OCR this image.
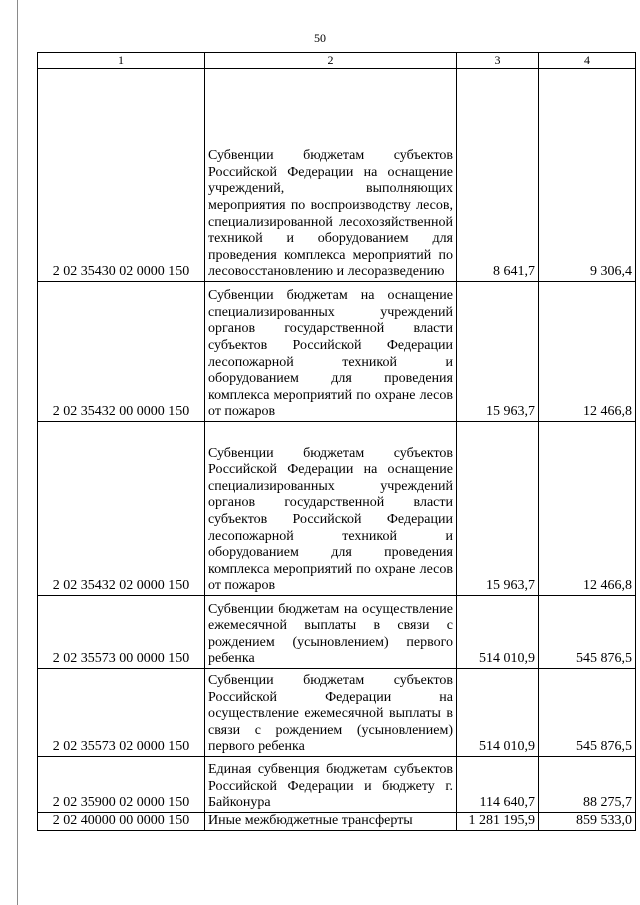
50
1	2	3	4
2 02 35430 02 0000 150	Субвенции бюджетам субъектов Российской Федерации на оснащение учреждений, выполняющих мероприятия по воспроизводству лесов, специализированной лесохозяйственной техникой и оборудованием для проведения комплекса мероприятий по лесовосстановлению и лесоразведению	8 641,7	9 306,4
2 02 35432 00 0000 150	Субвенции бюджетам на оснащение специализированных учреждений органов государственной власти субъектов Российской Федерации лесопожарной техникой и оборудованием для проведения комплекса мероприятий по охране лесов от пожаров	15 963,7	12 466,8
2 02 35432 02 0000 150	Субвенции бюджетам субъектов Российской Федерации на оснащение специализированных учреждений органов государственной власти субъектов Российской Федерации лесопожарной техникой и оборудованием для проведения комплекса мероприятий по охране лесов от пожаров	15 963,7	12 466,8
2 02 35573 00 0000 150	Субвенции бюджетам на осуществление ежемесячной выплаты в связи с рождением (усыновлением) первого ребенка	514 010,9	545 876,5
2 02 35573 02 0000 150	Субвенции бюджетам субъектов Российской Федерации на осуществление ежемесячной выплаты в связи с рождением (усыновлением) первого ребенка	514 010,9	545 876,5
2 02 35900 02 0000 150	Единая субвенция бюджетам субъектов Российской Федерации и бюджету г. Байконура	114 640,7	88 275,7
2 02 40000 00 0000 150	Иные межбюджетные трансферты	1 281 195,9	859 533,0
